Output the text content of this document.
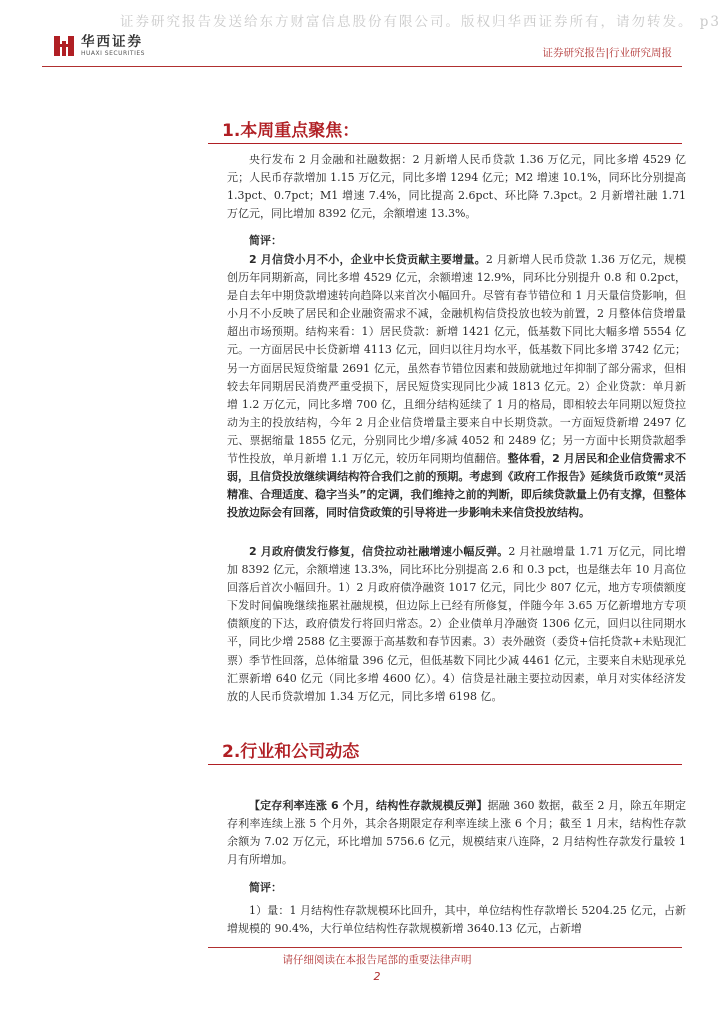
证券研究报告发送给东方财富信息股份有限公司。版权归华西证券所有，请勿转发。 p3
华西证券
HUAXI SECURITIES	证券研究报告|行业研究周报
1.本周重点聚焦：
央行发布 2 月金融和社融数据：2 月新增人民币贷款 1.36 万亿元，同比多增 4529 亿元；人民币存款增加 1.15 万亿元，同比多增 1294 亿元；M2 增速 10.1%，同环比分别提高 1.3pct、0.7pct；M1 增速 7.4%，同比提高 2.6pct、环比降 7.3pct。2 月新增社融 1.71 万亿元，同比增加 8392 亿元，余额增速 13.3%。
简评：
2 月信贷小月不小，企业中长贷贡献主要增量。2 月新增人民币贷款 1.36 万亿元，规模创历年同期新高，同比多增 4529 亿元，余额增速 12.9%，同环比分别提升 0.8 和 0.2pct，是自去年中期贷款增速转向趋降以来首次小幅回升。尽管有春节错位和 1 月天量信贷影响，但小月不小反映了居民和企业融资需求不减，金融机构信贷投放也较为前置，2 月整体信贷增量超出市场预期。结构来看：1）居民贷款：新增 1421 亿元，低基数下同比大幅多增 5554 亿元。一方面居民中长贷新增 4113 亿元，回归以往月均水平，低基数下同比多增 3742 亿元；另一方面居民短贷缩量 2691 亿元，虽然春节错位因素和鼓励就地过年抑制了部分需求，但相较去年同期居民消费严重受损下，居民短贷实现同比少减 1813 亿元。2）企业贷款：单月新增 1.2 万亿元，同比多增 700 亿，且细分结构延续了 1 月的格局，即相较去年同期以短贷拉动为主的投放结构，今年 2 月企业信贷增量主要来自中长期贷款。一方面短贷新增 2497 亿元、票据缩量 1855 亿元，分别同比少增/多减 4052 和 2489 亿；另一方面中长期贷款超季节性投放，单月新增 1.1 万亿元，较历年同期均值翻倍。整体看，2 月居民和企业信贷需求不弱，且信贷投放继续调结构符合我们之前的预期。考虑到《政府工作报告》延续货币政策“灵活精准、合理适度、稳字当头”的定调，我们维持之前的判断，即后续贷款量上仍有支撑，但整体投放边际会有回落，同时信贷政策的引导将进一步影响未来信贷投放结构。
2 月政府债发行修复，信贷拉动社融增速小幅反弹。2 月社融增量 1.71 万亿元，同比增加 8392 亿元，余额增速 13.3%，同比环比分别提高 2.6 和 0.3 pct，也是继去年 10 月高位回落后首次小幅回升。1）2 月政府债净融资 1017 亿元，同比少 807 亿元，地方专项债额度下发时间偏晚继续拖累社融规模，但边际上已经有所修复，伴随今年 3.65 万亿新增地方专项债额度的下达，政府债发行将回归常态。2）企业债单月净融资 1306 亿元，回归以往同期水平，同比少增 2588 亿主要源于高基数和春节因素。3）表外融资（委贷+信托贷款+未贴现汇票）季节性回落，总体缩量 396 亿元，但低基数下同比少减 4461 亿元，主要来自未贴现承兑汇票新增 640 亿元（同比多增 4600 亿）。4）信贷是社融主要拉动因素，单月对实体经济发放的人民币贷款增加 1.34 万亿元，同比多增 6198 亿。
2.行业和公司动态
【定存利率连涨 6 个月，结构性存款规模反弹】据融 360 数据，截至 2 月，除五年期定存利率连续上涨 5 个月外，其余各期限定存利率连续上涨 6 个月；截至 1 月末，结构性存款余额为 7.02 万亿元，环比增加 5756.6 亿元，规模结束八连降，2 月结构性存款发行量较 1 月有所增加。
简评：
1）量：1 月结构性存款规模环比回升，其中，单位结构性存款增长 5204.25 亿元，占新增规模的 90.4%，大行单位结构性存款规模新增 3640.13 亿元，占新增
请仔细阅读在本报告尾部的重要法律声明
2
